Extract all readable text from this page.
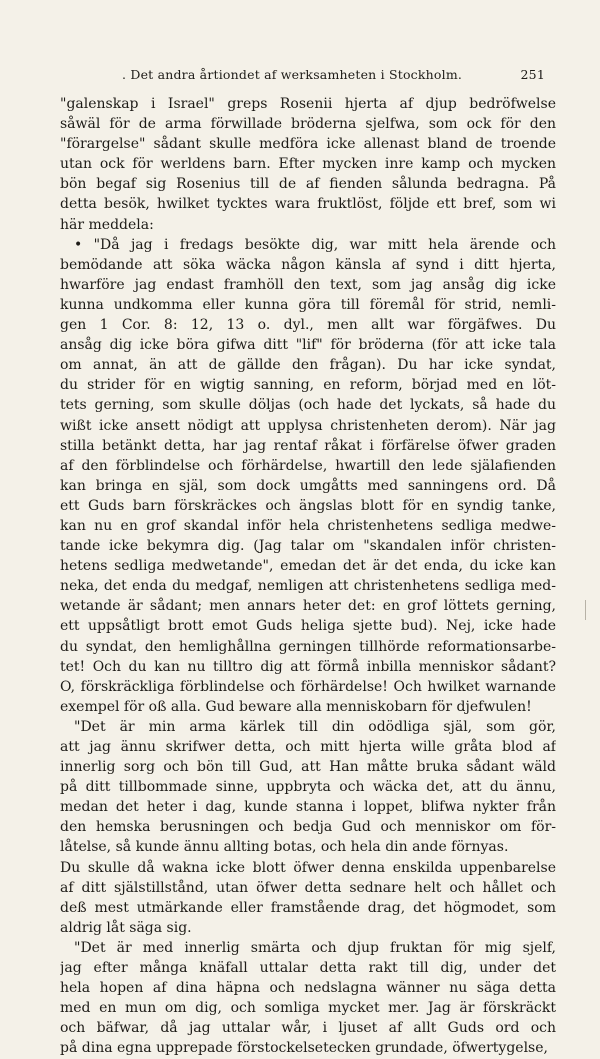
. Det andra årtiondet af werksamheten i Stockholm.	251
"galenskap i Israel" greps Rosenii hjerta af djup bedröfwelse
såwäl för de arma förwillade bröderna sjelfwa, som ock för den
"förargelse" sådant skulle medföra icke allenast bland de troende
utan ock för werldens barn. Efter mycken inre kamp och mycken
bön begaf sig Rosenius till de af fienden sålunda bedragna. På
detta besök, hwilket tycktes wara fruktlöst, följde ett bref, som wi
här meddela:
• "Då jag i fredags besökte dig, war mitt hela ärende och
bemödande att söka wäcka någon känsla af synd i ditt hjerta,
hwarföre jag endast framhöll den text, som jag ansåg dig icke
kunna undkomma eller kunna göra till föremål för strid, nemli-
gen 1 Cor. 8: 12, 13 o. dyl., men allt war förgäfwes. Du
ansåg dig icke böra gifwa ditt "lif" för bröderna (för att icke tala
om annat, än att de gällde den frågan). Du har icke syndat,
du strider för en wigtig sanning, en reform, börjad med en löt-
tets gerning, som skulle döljas (och hade det lyckats, så hade du
wißt icke ansett nödigt att upplysa christenheten derom). När jag
stilla betänkt detta, har jag rentaf råkat i förfärelse öfwer graden
af den förblindelse och förhärdelse, hwartill den lede själafienden
kan bringa en själ, som dock umgåtts med sanningens ord. Då
ett Guds barn förskräckes och ängslas blott för en syndig tanke,
kan nu en grof skandal inför hela christenhetens sedliga medwe-
tande icke bekymra dig. (Jag talar om "skandalen inför christen-
hetens sedliga medwetande", emedan det är det enda, du icke kan
neka, det enda du medgaf, nemligen att christenhetens sedliga med-
wetande är sådant; men annars heter det: en grof löttets gerning,
ett uppsåtligt brott emot Guds heliga sjette bud). Nej, icke hade
du syndat, den hemlighållna gerningen tillhörde reformationsarbe-
tet! Och du kan nu tilltro dig att förmå inbilla menniskor sådant?
O, förskräckliga förblindelse och förhärdelse! Och hwilket warnande
exempel för oß alla. Gud beware alla menniskobarn för djefwulen!
"Det är min arma kärlek till din odödliga själ, som gör,
att jag ännu skrifwer detta, och mitt hjerta wille gråta blod af
innerlig sorg och bön till Gud, att Han måtte bruka sådant wäld
på ditt tillbommade sinne, uppbryta och wäcka det, att du ännu,
medan det heter i dag, kunde stanna i loppet, blifwa nykter från
den hemska berusningen och bedja Gud och menniskor om för-
låtelse, så kunde ännu allting botas, och hela din ande förnyas.
Du skulle då wakna icke blott öfwer denna enskilda uppenbarelse
af ditt själstillstånd, utan öfwer detta sednare helt och hållet och
deß mest utmärkande eller framstående drag, det högmodet, som
aldrig låt säga sig.
"Det är med innerlig smärta och djup fruktan för mig sjelf,
jag efter många knäfall uttalar detta rakt till dig, under det
hela hopen af dina häpna och nedslagna wänner nu säga detta
med en mun om dig, och somliga mycket mer. Jag är förskräckt
och bäfwar, då jag uttalar wår, i ljuset af allt Guds ord och
på dina egna upprepade förstockelsetecken grundade, öfwertygelse,
